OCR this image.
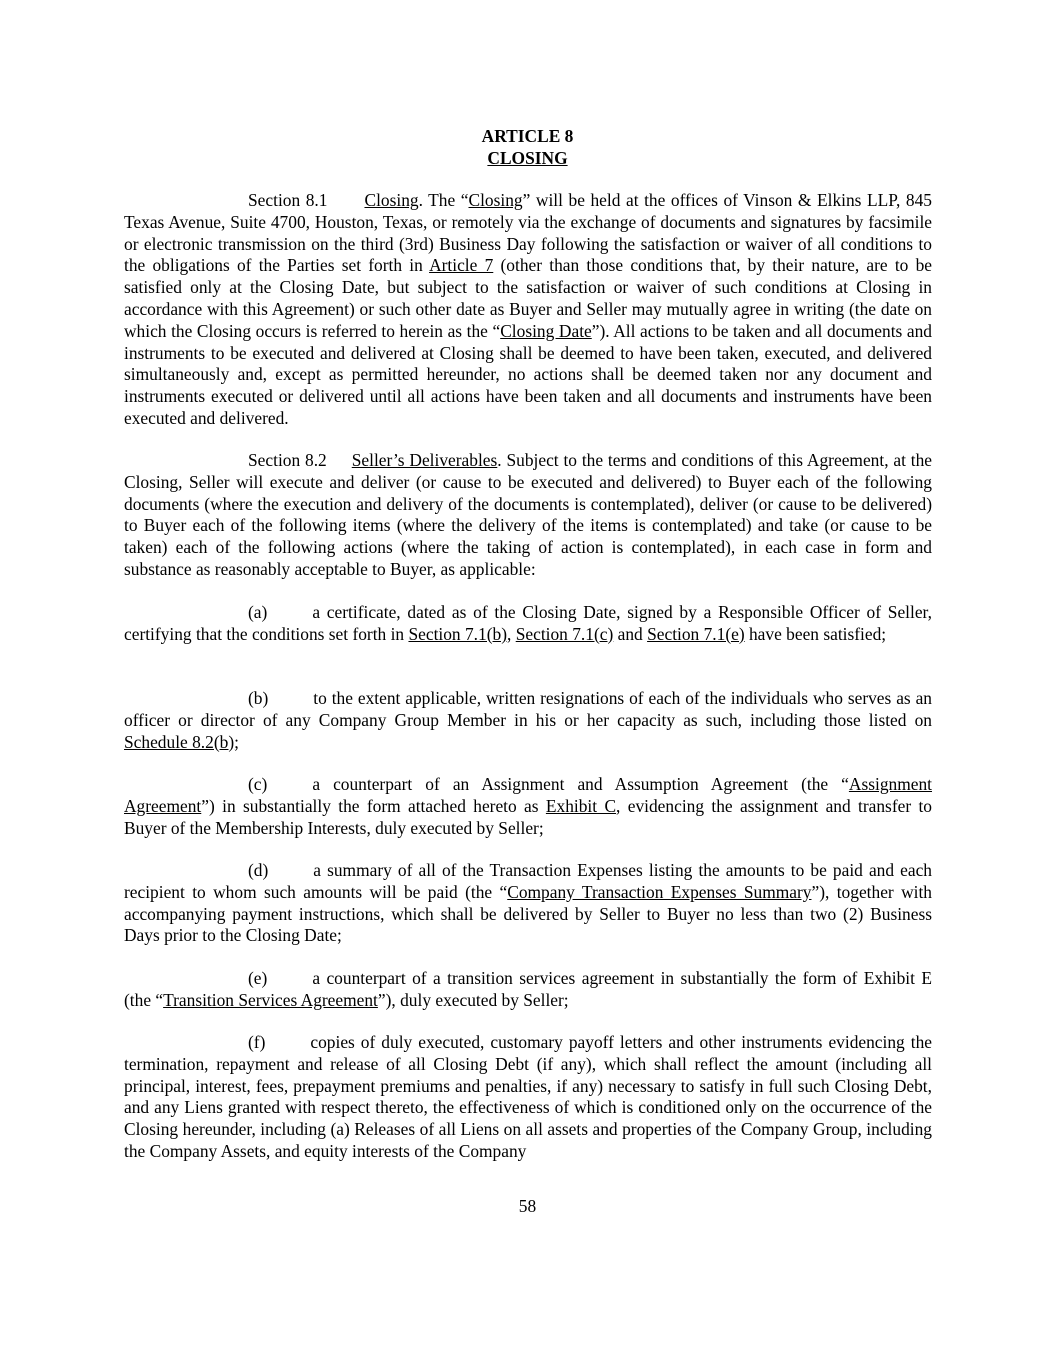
ARTICLE 8
CLOSING

Section 8.1 Closing. The “Closing” will be held at the offices of Vinson & Elkins LLP, 845 Texas Avenue, Suite 4700, Houston, Texas, or remotely via the exchange of documents and signatures by facsimile or electronic transmission on the third (3rd) Business Day following the satisfaction or waiver of all conditions to the obligations of the Parties set forth in Article 7 (other than those conditions that, by their nature, are to be satisfied only at the Closing Date, but subject to the satisfaction or waiver of such conditions at Closing in accordance with this Agreement) or such other date as Buyer and Seller may mutually agree in writing (the date on which the Closing occurs is referred to herein as the “Closing Date”). All actions to be taken and all documents and instruments to be executed and delivered at Closing shall be deemed to have been taken, executed, and delivered simultaneously and, except as permitted hereunder, no actions shall be deemed taken nor any document and instruments executed or delivered until all actions have been taken and all documents and instruments have been executed and delivered.

Section 8.2 Seller’s Deliverables. Subject to the terms and conditions of this Agreement, at the Closing, Seller will execute and deliver (or cause to be executed and delivered) to Buyer each of the following documents (where the execution and delivery of the documents is contemplated), deliver (or cause to be delivered) to Buyer each of the following items (where the delivery of the items is contemplated) and take (or cause to be taken) each of the following actions (where the taking of action is contemplated), in each case in form and substance as reasonably acceptable to Buyer, as applicable:

(a)	a certificate, dated as of the Closing Date, signed by a Responsible Officer of Seller, certifying that the conditions set forth in Section 7.1(b), Section 7.1(c) and Section 7.1(e) have been satisfied;

(b)	to the extent applicable, written resignations of each of the individuals who serves as an officer or director of any Company Group Member in his or her capacity as such, including those listed on Schedule 8.2(b);

(c)	a counterpart of an Assignment and Assumption Agreement (the “Assignment Agreement”) in substantially the form attached hereto as Exhibit C, evidencing the assignment and transfer to Buyer of the Membership Interests, duly executed by Seller;

(d)	a summary of all of the Transaction Expenses listing the amounts to be paid and each recipient to whom such amounts will be paid (the “Company Transaction Expenses Summary”), together with accompanying payment instructions, which shall be delivered by Seller to Buyer no less than two (2) Business Days prior to the Closing Date;

(e)	a counterpart of a transition services agreement in substantially the form of Exhibit E (the “Transition Services Agreement”), duly executed by Seller;

(f)	copies of duly executed, customary payoff letters and other instruments evidencing the termination, repayment and release of all Closing Debt (if any), which shall reflect the amount (including all principal, interest, fees, prepayment premiums and penalties, if any) necessary to satisfy in full such Closing Debt, and any Liens granted with respect thereto, the effectiveness of which is conditioned only on the occurrence of the Closing hereunder, including (a) Releases of all Liens on all assets and properties of the Company Group, including the Company Assets, and equity interests of the Company

58
